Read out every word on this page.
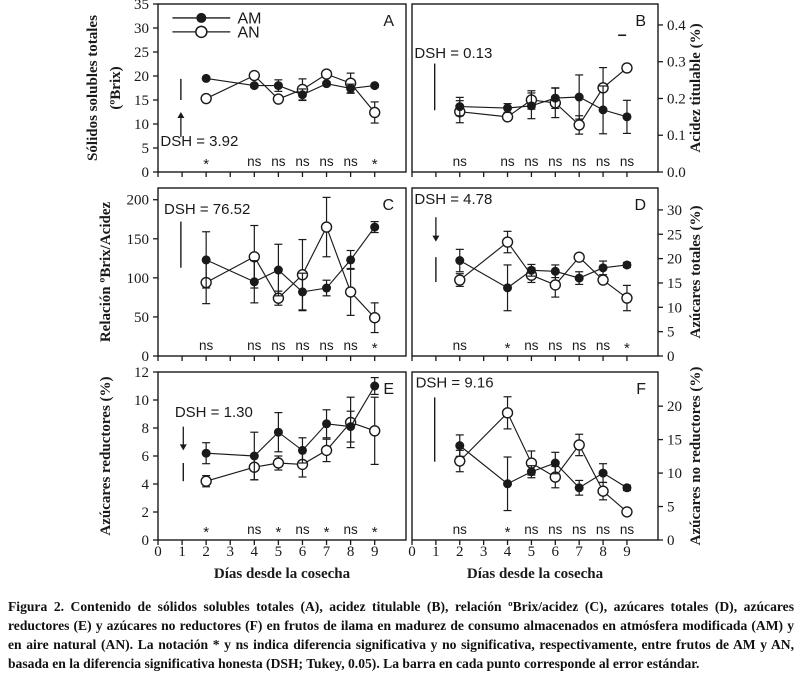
0
5
10
15
20
25
30
35
Sólidos solubles totales (ºBrix)
*	ns ns ns ns ns *
DSH = 3.92
AM
AN
A
0.0
0.1
0.2
0.3
0.4 Acidez titulable (%)
ns ns ns ns ns ns ns
DSH = 0.13
B
0
50
100
150
200
Relación ºBrix/Acidez
ns	ns ns ns ns ns *
DSH = 76.52	C
0
5
10
15
20
25
30 Azúcares totales (%)
ns	* ns ns ns ns *
DSH = 4.78	D
0
2
4
6
8
10
12
0 1 2 3 4 5 6 7 8 9
Días desde la cosecha
Azúcares reductores (%)	*	ns * ns * ns *
DSH = 1.30
E
0
5
10
15
20
0 1 2 3 4 5 6 7 8 9
Días desde la cosecha
Azúcares no reductores (%)
ns	* ns ns ns ns ns
DSH = 9.16	F

Figura 2. Contenido de sólidos solubles totales (A), acidez titulable (B), relación ºBrix/acidez (C), azúcares totales (D), azúcares reductores (E) y azúcares no reductores (F) en frutos de ilama en madurez de consumo almacenados en atmósfera modificada (AM) y en aire natural (AN). La notación * y ns indica diferencia significativa y no significativa, respectivamente, entre frutos de AM y AN, basada en la diferencia significativa honesta (DSH; Tukey, 0.05). La barra en cada punto corresponde al error estándar.
